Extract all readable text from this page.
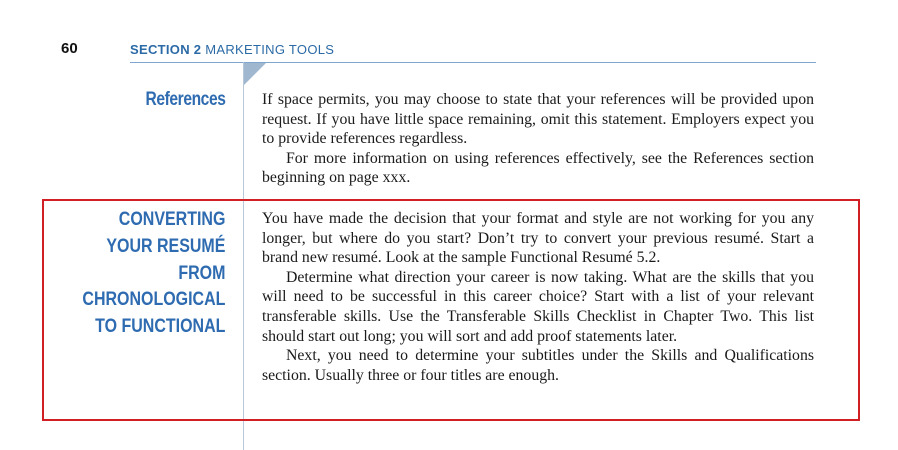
60	SECTION 2 MARKETING TOOLS
References If space permits, you may choose to state that your references will be provided upon request. If you have little space remaining, omit this statement. Employers expect you to provide references regardless.

For more information on using references effectively, see the References section beginning on page xxx.

CONVERTING
YOUR RESUMÉ
FROM
CHRONOLOGICAL
TO FUNCTIONAL

You have made the decision that your format and style are not working for you any longer, but where do you start? Don’t try to convert your previous resumé. Start a brand new resumé. Look at the sample Functional Resumé 5.2.

Determine what direction your career is now taking. What are the skills that you will need to be successful in this career choice? Start with a list of your relevant transferable skills. Use the Transferable Skills Checklist in Chapter Two. This list should start out long; you will sort and add proof statements later.

Next, you need to determine your subtitles under the Skills and Qualifications section. Usually three or four titles are enough.
